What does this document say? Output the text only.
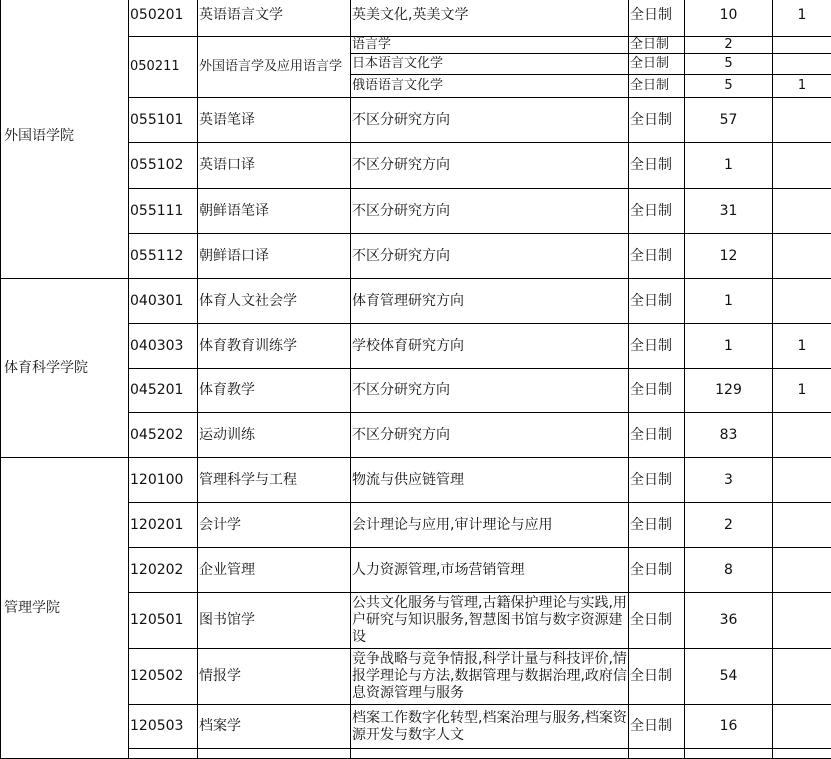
外国语学院	050201	英语语言文学	英美文化,英美文学	全日制	10	1
	050211	外国语言学及应用语言学	语言学	全日制	2	
			日本语言文化学	全日制	5	
			俄语语言文化学	全日制	5	1
	055101	英语笔译	不区分研究方向	全日制	57	
	055102	英语口译	不区分研究方向	全日制	1	
	055111	朝鲜语笔译	不区分研究方向	全日制	31	
	055112	朝鲜语口译	不区分研究方向	全日制	12	
体育科学学院	040301	体育人文社会学	体育管理研究方向	全日制	1	
	040303	体育教育训练学	学校体育研究方向	全日制	1	1
	045201	体育教学	不区分研究方向	全日制	129	1
	045202	运动训练	不区分研究方向	全日制	83	
管理学院	120100	管理科学与工程	物流与供应链管理	全日制	3	
	120201	会计学	会计理论与应用,审计理论与应用	全日制	2	
	120202	企业管理	人力资源管理,市场营销管理	全日制	8	
	120501	图书馆学	公共文化服务与管理,古籍保护理论与实践,用户研究与知识服务,智慧图书馆与数字资源建设	全日制	36	
	120502	情报学	竞争战略与竞争情报,科学计量与科技评价,情报学理论与方法,数据管理与数据治理,政府信息资源管理与服务	全日制	54	
	120503	档案学	档案工作数字化转型,档案治理与服务,档案资源开发与数字人文	全日制	16	
